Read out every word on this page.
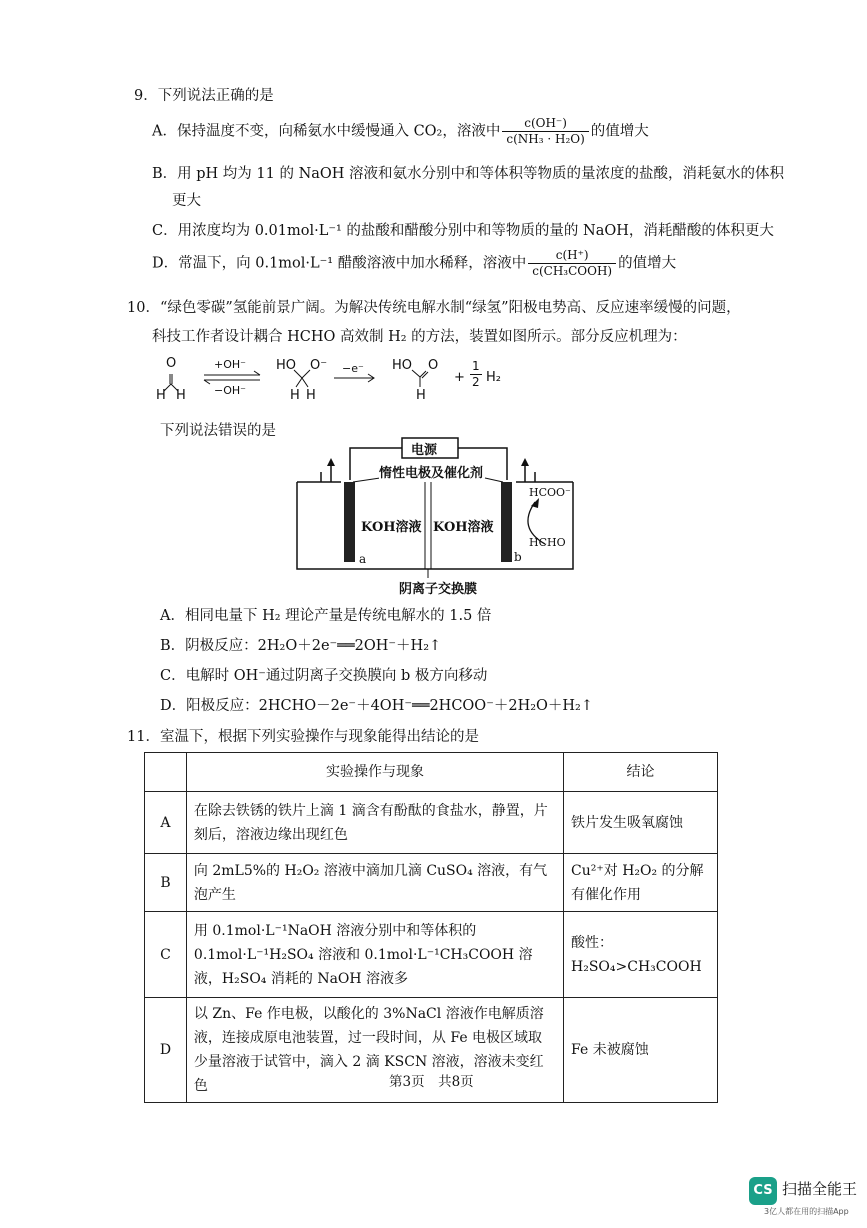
9．下列说法正确的是
A．保持温度不变，向稀氨水中缓慢通入 CO₂，溶液中 $\frac{c(OH^-)}{\text{c(NH₃ · H₂O)}}$ 的值增大
B．用 pH 均为 11 的 NaOH 溶液和氨水分别中和等体积等物质的量浓度的盐酸，消耗氨水的体积
更大
C．用浓度均为 0.01mol·L⁻¹ 的盐酸和醋酸分别中和等物质的量的 NaOH，消耗醋酸的体积更大
D．常温下，向 0.1mol·L⁻¹ 醋酸溶液中加水稀释，溶液中 $\frac{c(H^+)}{\text{c(CH₃COOH)}}$ 的值增大
10．“绿色零碳”氢能前景广阔。为解决传统电解水制“绿氢”阳极电势高、反应速率缓慢的问题，
科技工作者设计耦合 HCHO 高效制 H₂ 的方法，装置如图所示。部分反应机理为：
O
H H
+OH⁻
−OH⁻
HO O⁻
H H
−e⁻ HO O
H
+ $\frac{1}{2} H_2$
下列说法错误的是
电源
惰性电极及催化剂
KOH溶液 KOH溶液
a	b
HCOO⁻
HCHO
阴离子交换膜
A．相同电量下 H₂ 理论产量是传统电解水的 1.5 倍
B．阴极反应：2H₂O＋2e⁻══2OH⁻＋H₂↑
C．电解时 OH⁻通过阴离子交换膜向 b 极方向移动
D．阳极反应：2HCHO－2e⁻＋4OH⁻══2HCOO⁻＋2H₂O＋H₂↑
11．室温下，根据下列实验操作与现象能得出结论的是
	实验操作与现象	结论
A	在除去铁锈的铁片上滴 1 滴含有酚酞的食盐水，静置，片刻后，溶液边缘出现红色	铁片发生吸氧腐蚀
B	向 2mL5%的 H₂O₂ 溶液中滴加几滴 CuSO₄ 溶液，有气泡产生	Cu²⁺对 H₂O₂ 的分解有催化作用
C	用 0.1mol·L⁻¹NaOH 溶液分别中和等体积的 0.1mol·L⁻¹H₂SO₄ 溶液和 0.1mol·L⁻¹CH₃COOH 溶液，H₂SO₄ 消耗的 NaOH 溶液多	酸性：H₂SO₄>CH₃COOH
D	以 Zn、Fe 作电极，以酸化的 3%NaCl 溶液作电解质溶液，连接成原电池装置，过一段时间，从 Fe 电极区域取少量溶液于试管中，滴入 2 滴 KSCN 溶液，溶液未变红色	Fe 未被腐蚀
第3页　共8页
CS 扫描全能王
3亿人都在用的扫描App
